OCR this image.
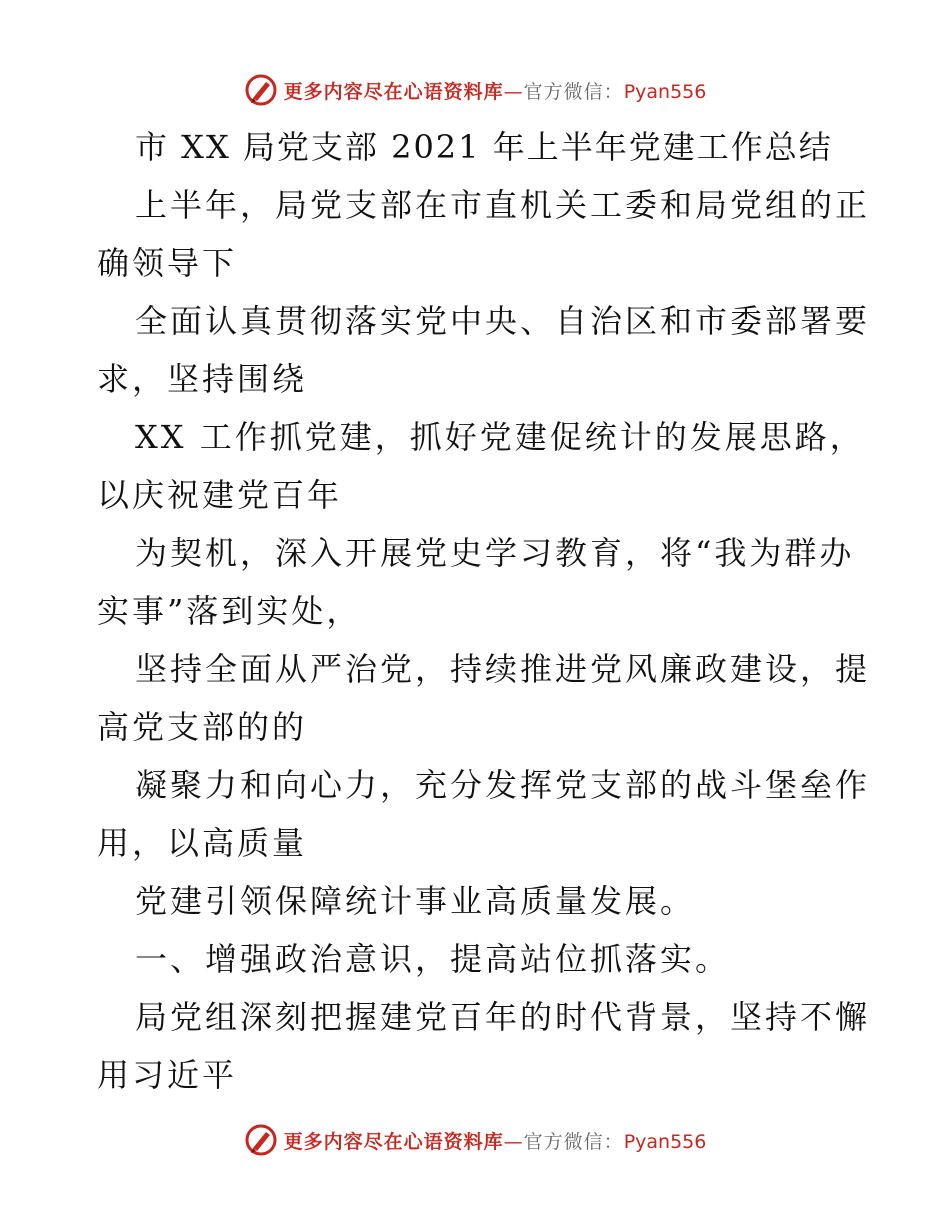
更多内容尽在心语资料库—官方微信：Pyan556
市 XX 局党支部 2021 年上半年党建工作总结
上半年，局党支部在市直机关工委和局党组的正
确领导下
全面认真贯彻落实党中央、自治区和市委部署要
求，坚持围绕
XX 工作抓党建，抓好党建促统计的发展思路，
以庆祝建党百年
为契机，深入开展党史学习教育，将“我为群办
实事”落到实处，
坚持全面从严治党，持续推进党风廉政建设，提
高党支部的的
凝聚力和向心力，充分发挥党支部的战斗堡垒作
用，以高质量
党建引领保障统计事业高质量发展。
一、增强政治意识，提高站位抓落实。
局党组深刻把握建党百年的时代背景，坚持不懈
用习近平
更多内容尽在心语资料库—官方微信：Pyan556
